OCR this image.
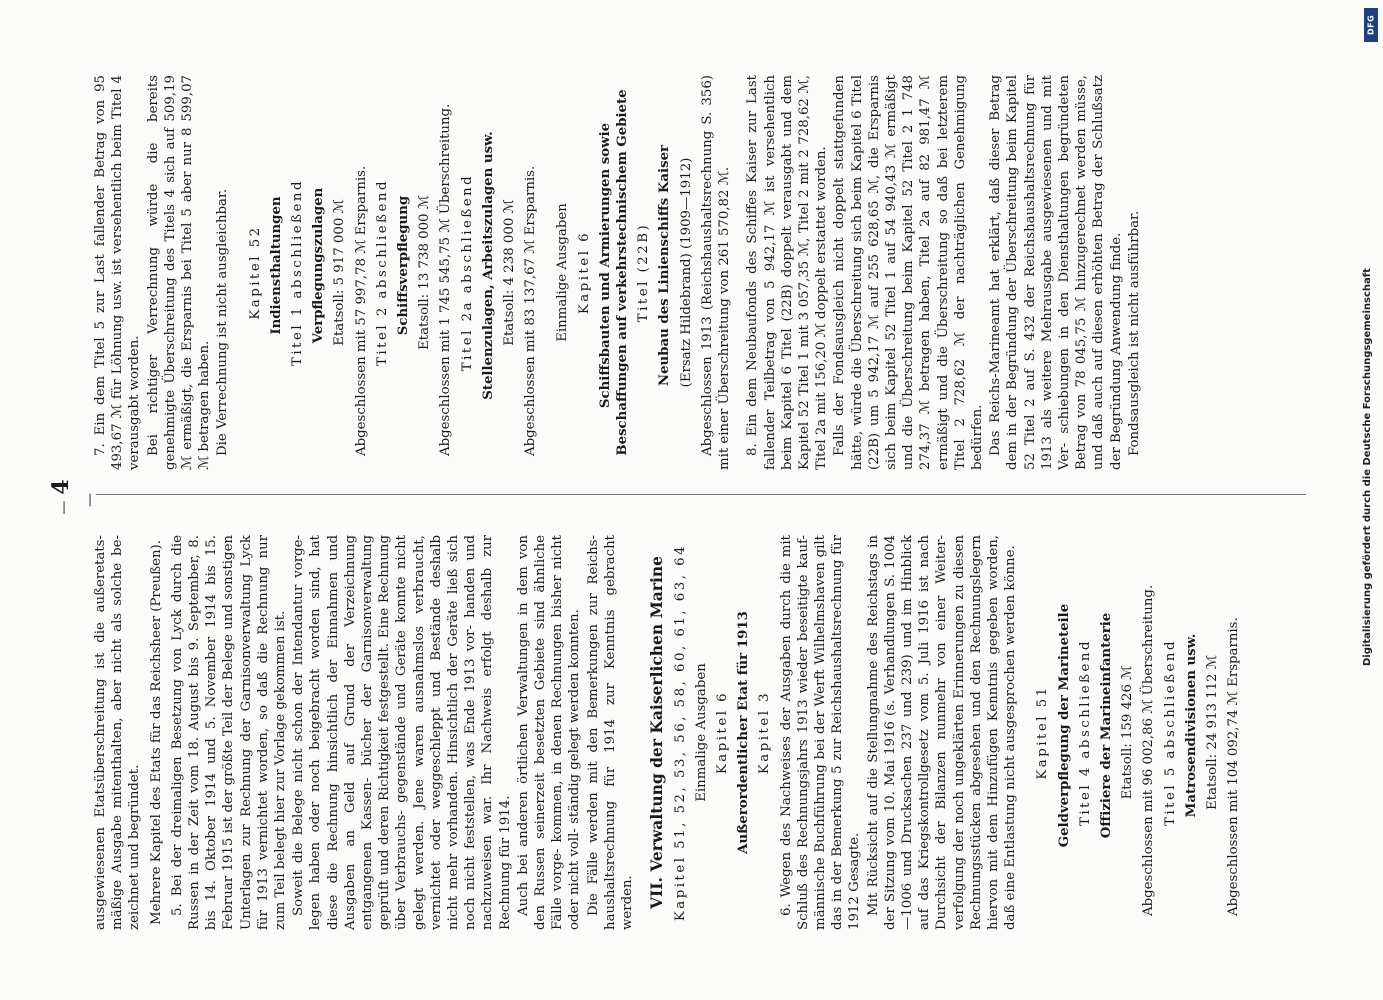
— 4 —

ausgewiesenen Etatsüberschreitung ist die außeretats- mäßige Ausgabe mitenthalten, aber nicht als solche be- zeichnet und begründet. Mehrere Kapitel des Etats für das Reichsheer (Preußen). 5. Bei der dreimaligen Besetzung von Lyck durch die Russen in der Zeit vom 18. August bis 9. September, 8. bis 14. Oktober 1914 und 5. November 1914 bis 15. Februar 1915 ist der größte Teil der Belege und sonstigen Unterlagen zur Rechnung der Garnisonverwaltung Lyck für 1913 vernichtet worden, so daß die Rechnung nur zum Teil belegt hier zur Vorlage gekommen ist. Soweit die Belege nicht schon der Intendantur vorge- legen haben oder noch beigebracht worden sind, hat diese die Rechnung hinsichtlich der Einnahmen und Ausgaben an Geld auf Grund der Verzeichnung entgangenen Kassen- bücher der Garnisonverwaltung geprüft und deren Richtigkeit festgestellt. Eine Rechnung über Verbrauchs- gegenstände und Geräte konnte nicht gelegt werden. Jene waren ausnahmslos verbraucht, vernichtet oder weggeschleppt und Bestände deshalb nicht mehr vorhanden. Hinsichtlich der Geräte ließ sich noch nicht feststellen, was Ende 1913 vor- handen und nachzuweisen war. Ihr Nachweis erfolgt deshalb zur Rechnung für 1914. Auch bei anderen örtlichen Verwaltungen in dem von den Russen seinerzeit besetzten Gebiete sind ähnliche Fälle vorge- kommen, in denen Rechnungen bisher nicht oder nicht voll- ständig gelegt werden konnten. Die Fälle werden mit den Bemerkungen zur Reichs- haushaltsrechnung für 1914 zur Kenntnis gebracht werden. VII. Verwaltung der Kaiserlichen Marine Kapitel 51, 52, 53, 56, 58, 60, 61, 63, 64 Einmalige Ausgaben Kapitel 6 Außerordentlicher Etat für 1913 Kapitel 3 6. Wegen des Nachweises der Ausgaben durch die mit Schluß des Rechnungsjahrs 1913 wieder beseitigte kauf- männische Buchführung bei der Werft Wilhelmshaven gilt das in der Bemerkung 5 zur Reichshaushaltsrechnung für 1912 Gesagte. Mit Rücksicht auf die Stellungnahme des Reichstags in der Sitzung vom 10. Mai 1916 (s. Verhandlungen S. 1004—1006 und Drucksachen 237 und 239) und im Hinblick auf das Kriegskontrollgesetz vom 5. Juli 1916 ist nach Durchsicht der Bilanzen nunmehr von einer Weiter- verfolgung der noch ungeklärten Erinnerungen zu diesen Rechnungsstücken abgesehen und den Rechnungslegern hiervon mit dem Hinzufügen Kenntnis gegeben worden, daß eine Entlastung nicht ausgesprochen werden könne. Kapitel 51 Geldverpflegung der Marineteile Titel 4 abschließend Offiziere der Marineinfanterie Etatsoll: 159 426 ℳ Abgeschlossen mit 96 002,86 ℳ Überschreitung. Titel 5 abschließend Matrosendivisionen usw. Etatsoll: 24 913 112 ℳ Abgeschlossen mit 104 092,74 ℳ Ersparnis.

7. Ein dem Titel 5 zur Last fallender Betrag von 95 493,67 ℳ für Löhnung usw. ist versehentlich beim Titel 4 verausgabt worden. Bei richtiger Verrechnung würde die bereits genehmigte Überschreitung des Titels 4 sich auf 509,19 ℳ ermäßigt, die Ersparnis bei Titel 5 aber nur 8 599,07 ℳ betragen haben. Die Verrechnung ist nicht ausgleichbar. Kapitel 52 Indiensthaltungen Titel 1 abschließend Verpflegungszulagen Etatsoll: 5 917 000 ℳ Abgeschlossen mit 57 997,78 ℳ Ersparnis. Titel 2 abschließend Schiffsverpflegung Etatsoll: 13 738 000 ℳ Abgeschlossen mit 1 745 545,75 ℳ Überschreitung. Titel 2a abschließend Stellenzulagen, Arbeitszulagen usw. Etatsoll: 4 238 000 ℳ Abgeschlossen mit 83 137,67 ℳ Ersparnis. Einmalige Ausgaben Kapitel 6 Schiffsbauten und Armierungen sowie Beschaffungen auf verkehrstechnischem Gebiete Titel (22B) Neubau des Linienschiffs Kaiser (Ersatz Hildebrand) (1909—1912) Abgeschlossen 1913 (Reichshaushaltsrechnung S. 356) mit einer Überschreitung von 261 570,82 ℳ. 8. Ein dem Neubaufonds des Schiffes Kaiser zur Last fallender Teilbetrag von 5 942,17 ℳ ist versehentlich beim Kapitel 6 Titel (22B) doppelt verausgabt und dem Kapitel 52 Titel 1 mit 3 057,35 ℳ, Titel 2 mit 2 728,62 ℳ, Titel 2a mit 156,20 ℳ doppelt erstattet worden. Falls der Fondsausgleich nicht doppelt stattgefunden hätte, würde die Überschreitung sich beim Kapitel 6 Titel (22B) um 5 942,17 ℳ auf 255 628,65 ℳ, die Ersparnis sich beim Kapitel 52 Titel 1 auf 54 940,43 ℳ ermäßigt und die Überschreitung beim Kapitel 52 Titel 2 1 748 274,37 ℳ betragen haben, Titel 2a auf 82 981,47 ℳ ermäßigt und die Überschreitung so daß bei letzterem Titel 2 728,62 ℳ der nachträglichen Genehmigung bedürfen. Das Reichs-Marineamt hat erklärt, daß dieser Betrag dem in der Begründung der Überschreitung beim Kapitel 52 Titel 2 auf S. 432 der Reichshaushaltsrechnung für 1913 als weitere Mehrausgabe ausgewiesenen und mit Ver- schiebungen in den Diensthaltungen begründeten Betrag von 78 045,75 ℳ hinzugerechnet werden müsse, und daß auch auf diesen erhöhten Betrag der Schlußsatz der Begründung Anwendung finde. Fondsausgleich ist nicht ausführbar.

DFG
Digitalisierung gefördert durch die Deutsche Forschungsgemeinschaft
